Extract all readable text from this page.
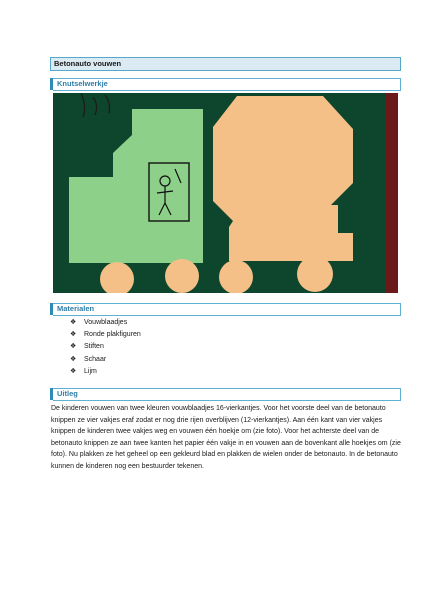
Betonauto vouwen
Knutselwerkje
Materialen
❖ Vouwblaadjes
❖ Ronde plakfiguren
❖ Stiften
❖ Schaar
❖ Lijm
Uitleg

De kinderen vouwen van twee kleuren vouwblaadjes 16-vierkantjes. Voor het voorste deel van de betonauto knippen ze vier vakjes eraf zodat er nog drie rijen overblijven (12-vierkantjes). Aan één kant van vier vakjes knippen de kinderen twee vakjes weg en vouwen één hoekje om (zie foto). Voor het achterste deel van de betonauto knippen ze aan twee kanten het papier één vakje in en vouwen aan de bovenkant alle hoekjes om (zie foto). Nu plakken ze het geheel op een gekleurd blad en plakken de wielen onder de betonauto. In de betonauto kunnen de kinderen nog een bestuurder tekenen.
